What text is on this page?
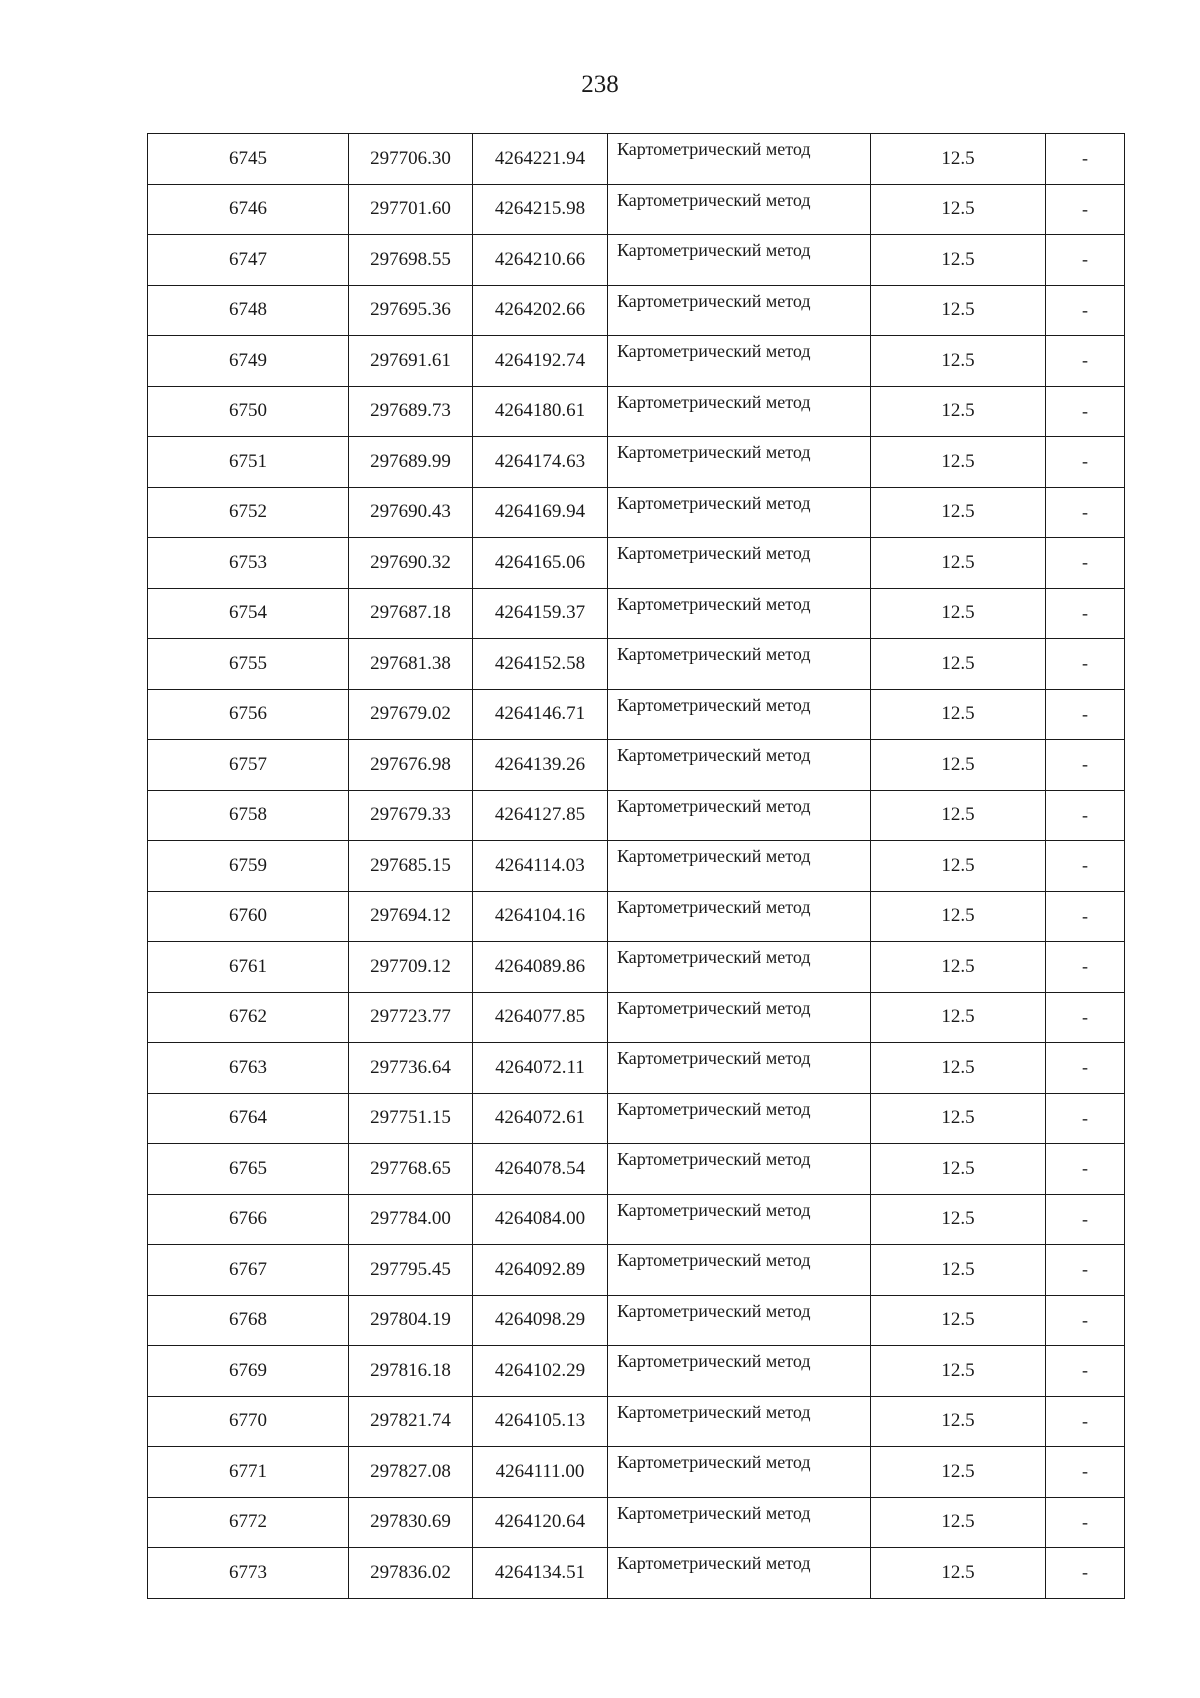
238
6745	297706.30	4264221.94	Картометрический метод	12.5	-
6746	297701.60	4264215.98	Картометрический метод	12.5	-
6747	297698.55	4264210.66	Картометрический метод	12.5	-
6748	297695.36	4264202.66	Картометрический метод	12.5	-
6749	297691.61	4264192.74	Картометрический метод	12.5	-
6750	297689.73	4264180.61	Картометрический метод	12.5	-
6751	297689.99	4264174.63	Картометрический метод	12.5	-
6752	297690.43	4264169.94	Картометрический метод	12.5	-
6753	297690.32	4264165.06	Картометрический метод	12.5	-
6754	297687.18	4264159.37	Картометрический метод	12.5	-
6755	297681.38	4264152.58	Картометрический метод	12.5	-
6756	297679.02	4264146.71	Картометрический метод	12.5	-
6757	297676.98	4264139.26	Картометрический метод	12.5	-
6758	297679.33	4264127.85	Картометрический метод	12.5	-
6759	297685.15	4264114.03	Картометрический метод	12.5	-
6760	297694.12	4264104.16	Картометрический метод	12.5	-
6761	297709.12	4264089.86	Картометрический метод	12.5	-
6762	297723.77	4264077.85	Картометрический метод	12.5	-
6763	297736.64	4264072.11	Картометрический метод	12.5	-
6764	297751.15	4264072.61	Картометрический метод	12.5	-
6765	297768.65	4264078.54	Картометрический метод	12.5	-
6766	297784.00	4264084.00	Картометрический метод	12.5	-
6767	297795.45	4264092.89	Картометрический метод	12.5	-
6768	297804.19	4264098.29	Картометрический метод	12.5	-
6769	297816.18	4264102.29	Картометрический метод	12.5	-
6770	297821.74	4264105.13	Картометрический метод	12.5	-
6771	297827.08	4264111.00	Картометрический метод	12.5	-
6772	297830.69	4264120.64	Картометрический метод	12.5	-
6773	297836.02	4264134.51	Картометрический метод	12.5	-
